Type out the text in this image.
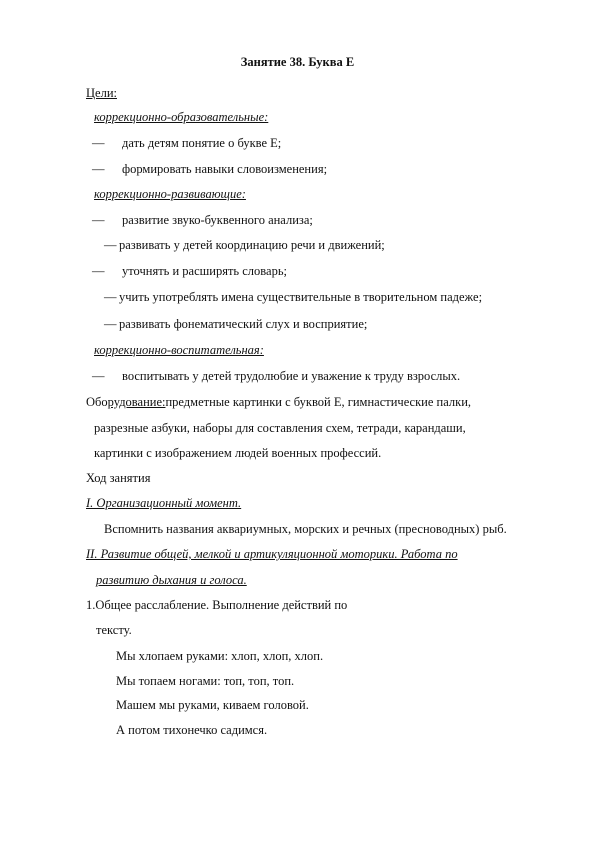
Занятие 38. Буква Е
Цели:
коррекционно-образовательные:
— дать детям понятие о букве Е;
— формировать навыки словоизменения;
коррекционно-развивающие:
— развитие звуко-буквенного анализа;
— развивать у детей координацию речи и движений;
— уточнять и расширять словарь;
— учить употреблять имена существительные в творительном падеже;
— развивать фонематический слух и восприятие;
коррекционно-воспитательная:
— воспитывать у детей трудолюбие и уважение к труду взрослых.
Оборудование:предметные картинки с буквой Е, гимнастические палки,
разрезные азбуки, наборы для составления схем, тетради, карандаши,
картинки с изображением людей военных профессий.
Ход занятия
I. Организационный момент.
Вспомнить названия аквариумных, морских и речных (пресноводных) рыб.
II. Развитие общей, мелкой и артикуляционной моторики. Работа по
развитию дыхания и голоса.
1.Общее расслабление. Выполнение действий по
тексту.
Мы хлопаем руками: хлоп, хлоп, хлоп.
Мы топаем ногами: топ, топ, топ.
Машем мы руками, киваем головой.
А потом тихонечко садимся.
